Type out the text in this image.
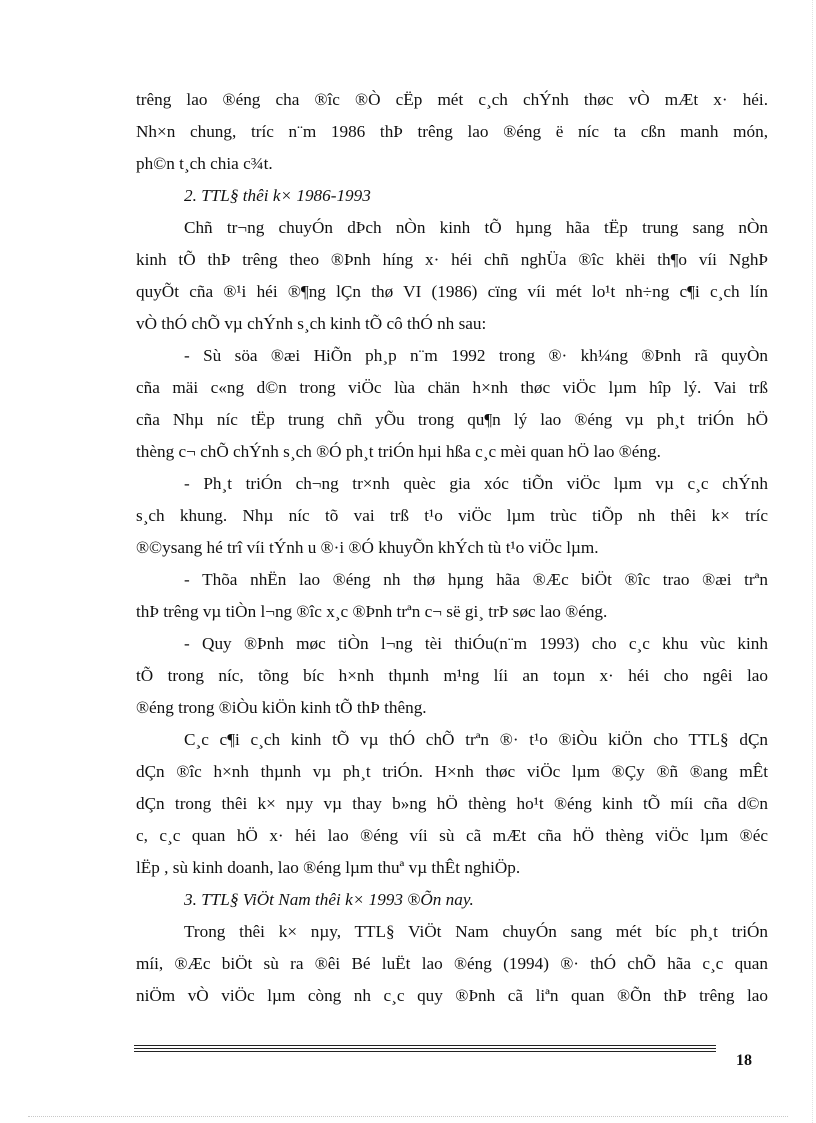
trêng lao ®éng cha ®îc ®Ò cËp mét c¸ch chÝnh thøc vÒ mÆt x· héi.
Nh×n chung, tríc n¨m 1986 thÞ trêng lao ®éng ë níc ta cßn manh món,
ph©n t¸ch chia c¾t.
2. TTL§ thêi k× 1986-1993
Chñ tr¬ng chuyÓn dÞch nÒn kinh tÕ hµng hãa tËp trung sang nÒn
kinh tÕ thÞ trêng theo ®Þnh híng x· héi chñ nghÜa ®îc khëi th¶o víi NghÞ
quyÕt cña ®¹i héi ®¶ng lÇn thø VI (1986) cïng víi mét lo¹t nh÷ng c¶i c¸ch lín
vÒ thÓ chÕ vµ chÝnh s¸ch kinh tÕ cô thÓ nh sau:
- Sù söa ®æi HiÕn ph¸p n¨m 1992 trong ®· kh¼ng ®Þnh rã quyÒn
cña mäi c«ng d©n trong viÖc lùa chän h×nh thøc viÖc lµm hîp lý. Vai trß
cña Nhµ níc tËp trung chñ yÕu trong qu¶n lý lao ®éng vµ ph¸t triÓn hÖ
thèng c¬ chÕ chÝnh s¸ch ®Ó ph¸t triÓn hµi hßa c¸c mèi quan hÖ lao ®éng.
- Ph¸t triÓn ch¬ng tr×nh quèc gia xóc tiÕn viÖc lµm vµ c¸c chÝnh
s¸ch khung. Nhµ níc tõ vai trß t¹o viÖc lµm trùc tiÕp nh thêi k× tríc
®©ysang hé trî víi tÝnh u ®·i ®Ó khuyÕn khÝch tù t¹o viÖc lµm.
- Thõa nhËn lao ®éng nh thø hµng hãa ®Æc biÖt ®îc trao ®æi trªn
thÞ trêng vµ tiÒn l¬ng ®îc x¸c ®Þnh trªn c¬ së gi¸ trÞ søc lao ®éng.
- Quy ®Þnh møc tiÒn l¬ng tèi thiÓu(n¨m 1993) cho c¸c khu vùc kinh
tÕ trong níc, tõng bíc h×nh thµnh m¹ng líi an toµn x· héi cho ngêi lao
®éng trong ®iÒu kiÖn kinh tÕ thÞ thêng.
C¸c c¶i c¸ch kinh tÕ vµ thÓ chÕ trªn ®· t¹o ®iÒu kiÖn cho TTL§ dÇn
dÇn ®îc h×nh thµnh vµ ph¸t triÓn. H×nh thøc viÖc lµm ®Çy ®ñ ®ang mÊt
dÇn trong thêi k× nµy vµ thay b»ng hÖ thèng ho¹t ®éng kinh tÕ míi cña d©n
c, c¸c quan hÖ x· héi lao ®éng víi sù cã mÆt cña hÖ thèng viÖc lµm ®éc
lËp , sù kinh doanh, lao ®éng lµm thuª vµ thÊt nghiÖp.
3. TTL§ ViÖt Nam thêi k× 1993 ®Õn nay.
Trong thêi k× nµy, TTL§ ViÖt Nam chuyÓn sang mét bíc ph¸t triÓn
míi, ®Æc biÖt sù ra ®êi Bé luËt lao ®éng (1994) ®· thÓ chÕ hãa c¸c quan
niÖm vÒ viÖc lµm còng nh c¸c quy ®Þnh cã liªn quan ®Õn thÞ trêng lao
18
